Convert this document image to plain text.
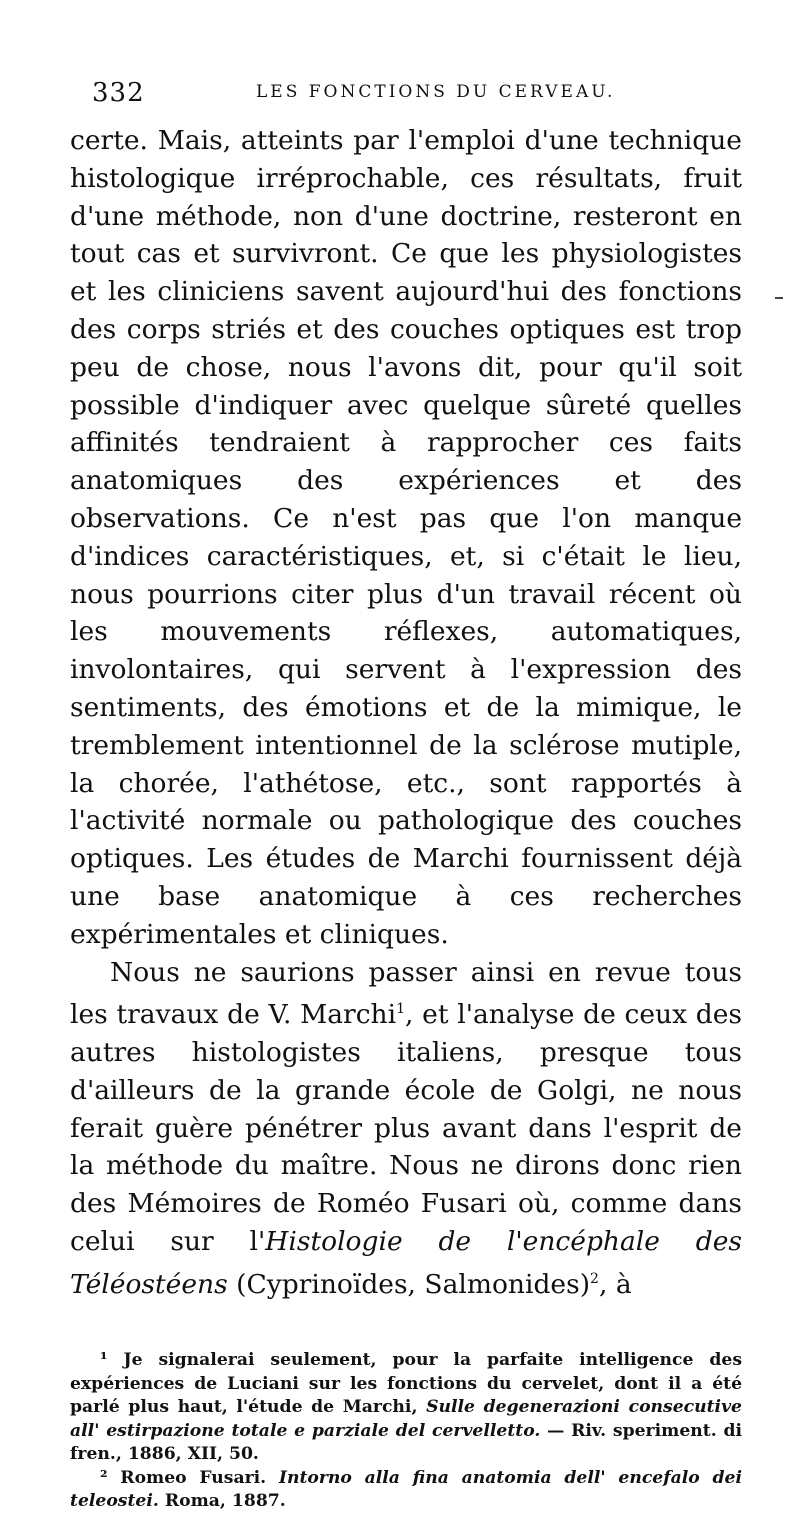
332	LES FONCTIONS DU CERVEAU.

certe. Mais, atteints par l'emploi d'une technique histologique irréprochable, ces résultats, fruit d'une méthode, non d'une doctrine, resteront en tout cas et survivront. Ce que les physiologistes et les cliniciens savent aujourd'hui des fonctions des corps striés et des couches optiques est trop peu de chose, nous l'avons dit, pour qu'il soit possible d'indiquer avec quelque sûreté quelles affinités tendraient à rapprocher ces faits anatomiques des expériences et des observations. Ce n'est pas que l'on manque d'indices caractéristiques, et, si c'était le lieu, nous pourrions citer plus d'un travail récent où les mouvements réflexes, automatiques, involontaires, qui servent à l'expression des sentiments, des émotions et de la mimique, le tremblement intentionnel de la sclérose mutiple, la chorée, l'athétose, etc., sont rapportés à l'activité normale ou pathologique des couches optiques. Les études de Marchi fournissent déjà une base anatomique à ces recherches expérimentales et cliniques.

Nous ne saurions passer ainsi en revue tous les travaux de V. Marchi$^1$, et l'analyse de ceux des autres histologistes italiens, presque tous d'ailleurs de la grande école de Golgi, ne nous ferait guère pénétrer plus avant dans l'esprit de la méthode du maître. Nous ne dirons donc rien des Mémoires de Roméo Fusari où, comme dans celui sur l'Histologie de l'encéphale des Téléostéens (Cyprinoïdes, Salmonides)$^2$, à

¹ Je signalerai seulement, pour la parfaite intelligence des expériences de Luciani sur les fonctions du cervelet, dont il a été parlé plus haut, l'étude de Marchi, Sulle degenerazioni consecutive all' estirpazione totale e parziale del cervelletto. — Riv. speriment. di fren., 1886, XII, 50.

² Romeo Fusari. Intorno alla fina anatomia dell' encefalo dei teleostei. Roma, 1887.
